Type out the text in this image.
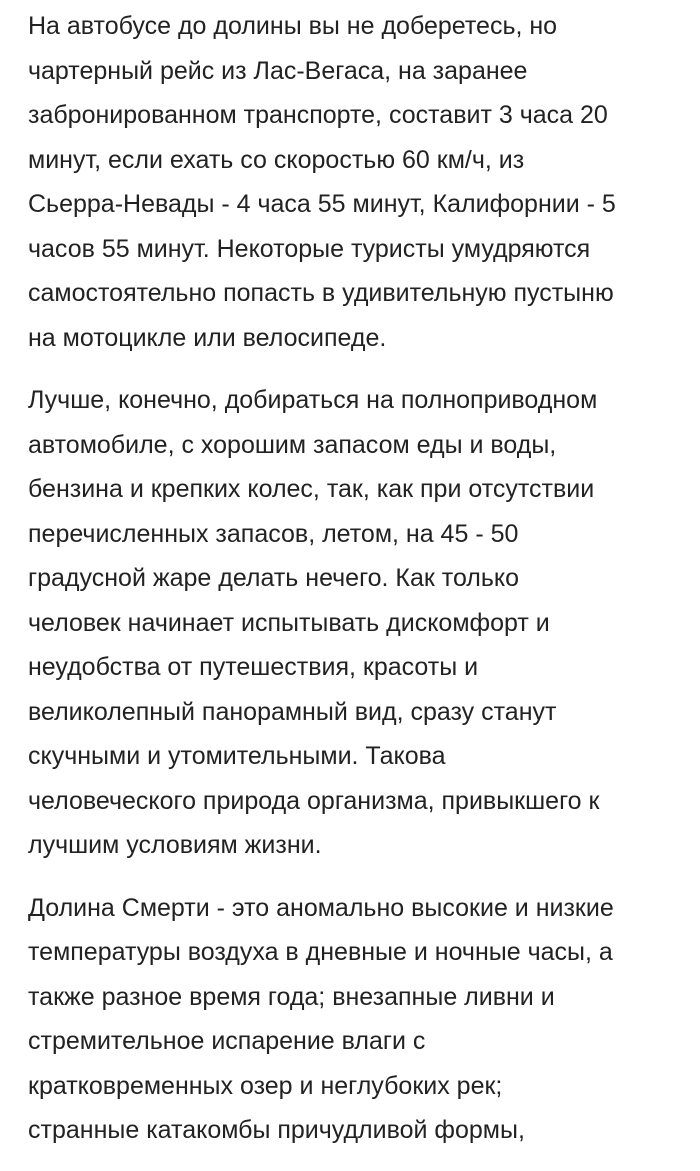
На автобусе до долины вы не доберетесь, но
чартерный рейс из Лас-Вегаса, на заранее
забронированном транспорте, составит 3 часа 20
минут, если ехать со скоростью 60 км/ч, из
Сьерра-Невады - 4 часа 55 минут, Калифорнии - 5
часов 55 минут. Некоторые туристы умудряются
самостоятельно попасть в удивительную пустыню
на мотоцикле или велосипеде.

Лучше, конечно, добираться на полноприводном
автомобиле, с хорошим запасом еды и воды,
бензина и крепких колес, так, как при отсутствии
перечисленных запасов, летом, на 45 - 50
градусной жаре делать нечего. Как только
человек начинает испытывать дискомфорт и
неудобства от путешествия, красоты и
великолепный панорамный вид, сразу станут
скучными и утомительными. Такова
человеческого природа организма, привыкшего к
лучшим условиям жизни.

Долина Смерти - это аномально высокие и низкие
температуры воздуха в дневные и ночные часы, а
также разное время года; внезапные ливни и
стремительное испарение влаги с
кратковременных озер и неглубоких рек;
странные катакомбы причудливой формы,
